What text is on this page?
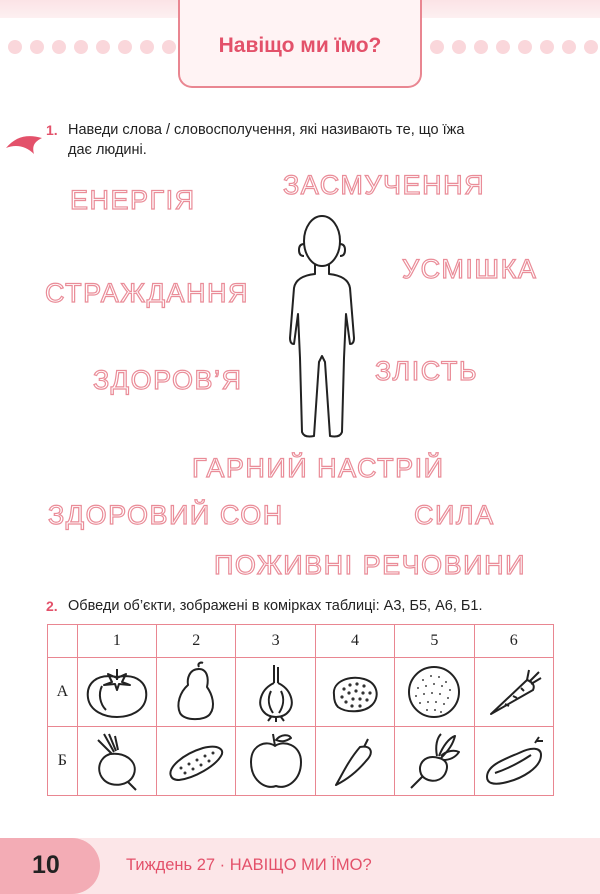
Навіщо ми їмо?
1. Наведи слова / словосполучення, які називають те, що їжа
дає людині.
ЕНЕРГІЯ	ЗАСМУЧЕННЯ
УСМІШКА
СТРАЖДАННЯ
ЗДОРОВ’Я	ЗЛІСТЬ
ГАРНИЙ НАСТРІЙ
ЗДОРОВИЙ СОН	СИЛА
ПОЖИВНІ РЕЧОВИНИ
2. Обведи об’єкти, зображені в комірках таблиці: А3, Б5, А6, Б1.
	1	2	3	4	5	6
А	

Б	

10	Тиждень 27 · НАВІЩО МИ ЇМО?
